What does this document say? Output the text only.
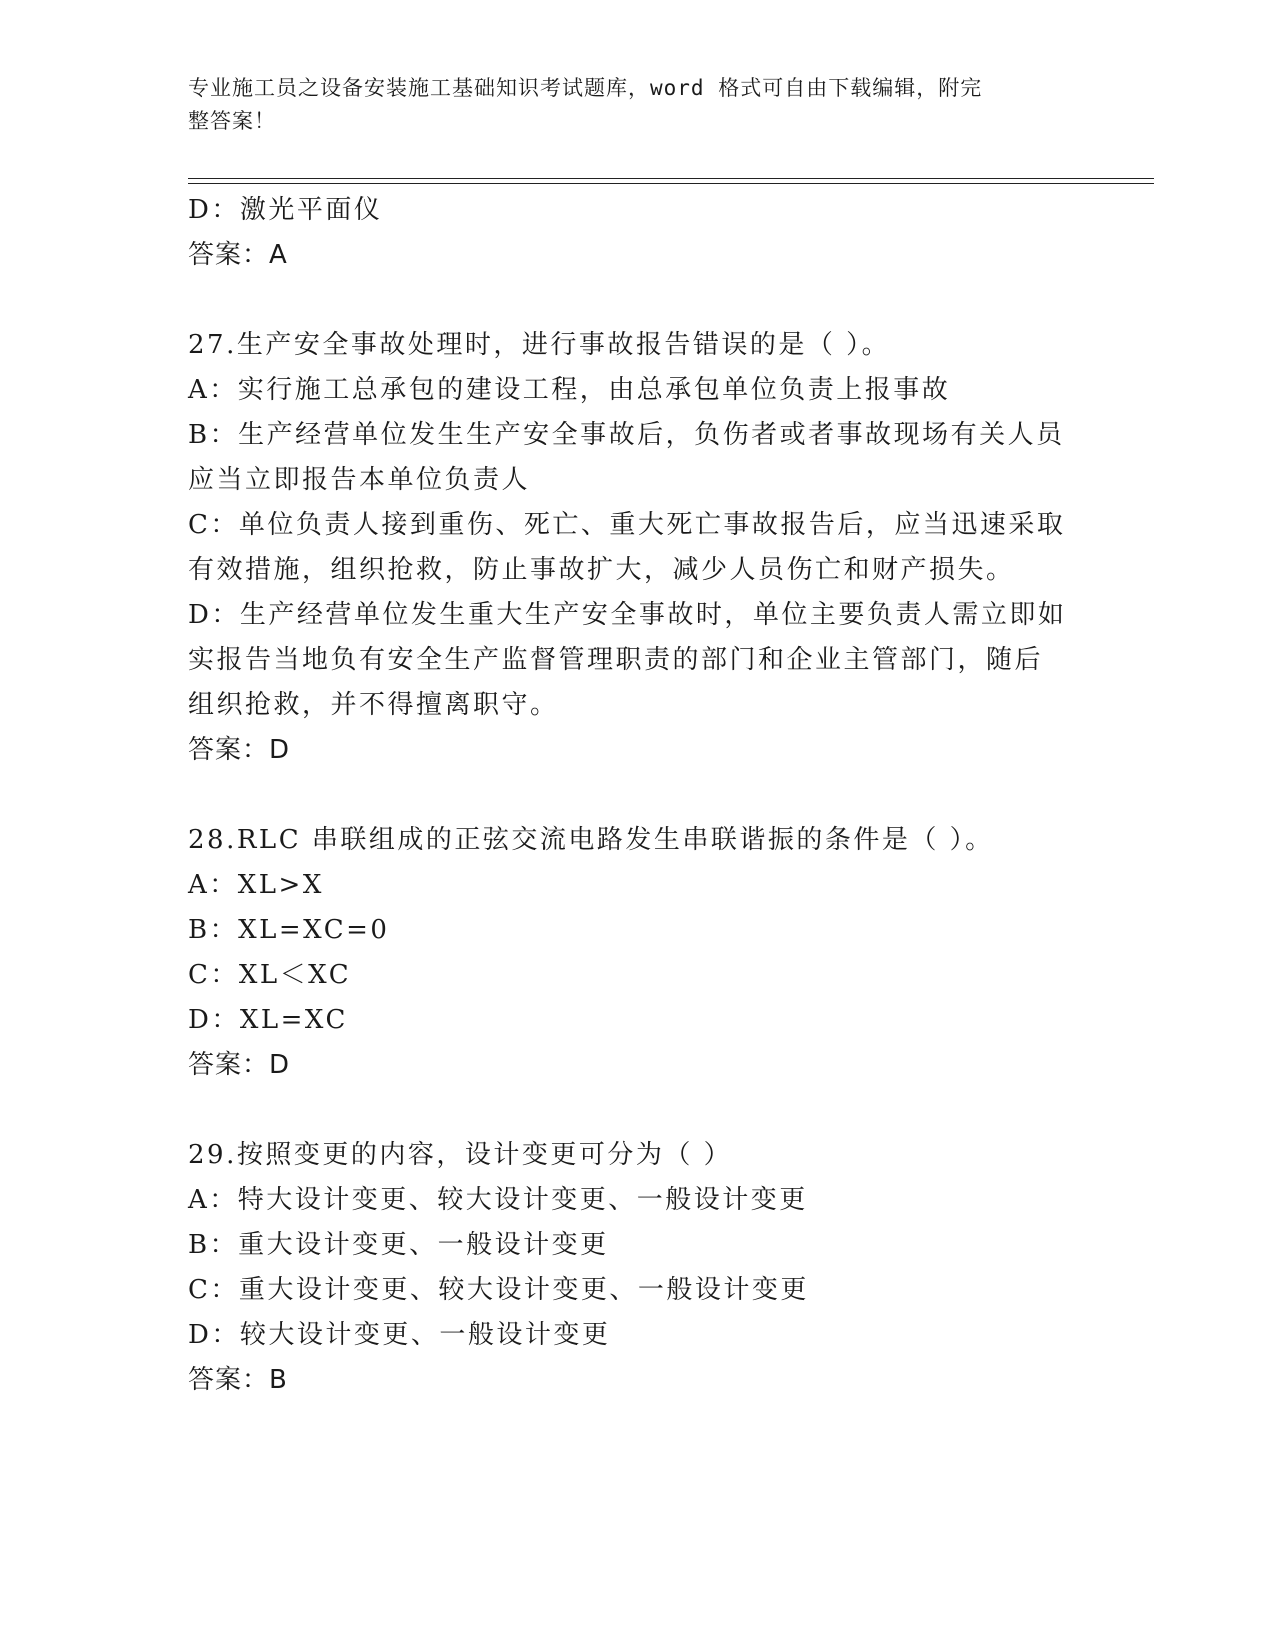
专业施工员之设备安装施工基础知识考试题库，word 格式可自由下载编辑，附完
整答案！
D：激光平面仪
答案：A
27.生产安全事故处理时，进行事故报告错误的是（ ）。
A：实行施工总承包的建设工程，由总承包单位负责上报事故
B：生产经营单位发生生产安全事故后，负伤者或者事故现场有关人员
应当立即报告本单位负责人
C：单位负责人接到重伤、死亡、重大死亡事故报告后，应当迅速采取
有效措施，组织抢救，防止事故扩大，减少人员伤亡和财产损失。
D：生产经营单位发生重大生产安全事故时，单位主要负责人需立即如
实报告当地负有安全生产监督管理职责的部门和企业主管部门，随后
组织抢救，并不得擅离职守。
答案：D
28.RLC 串联组成的正弦交流电路发生串联谐振的条件是（ ）。
A：XL>X
B：XL=XC=0
C：XL＜XC
D：XL=XC
答案：D
29.按照变更的内容，设计变更可分为（ ）
A：特大设计变更、较大设计变更、一般设计变更
B：重大设计变更、一般设计变更
C：重大设计变更、较大设计变更、一般设计变更
D：较大设计变更、一般设计变更
答案：B
